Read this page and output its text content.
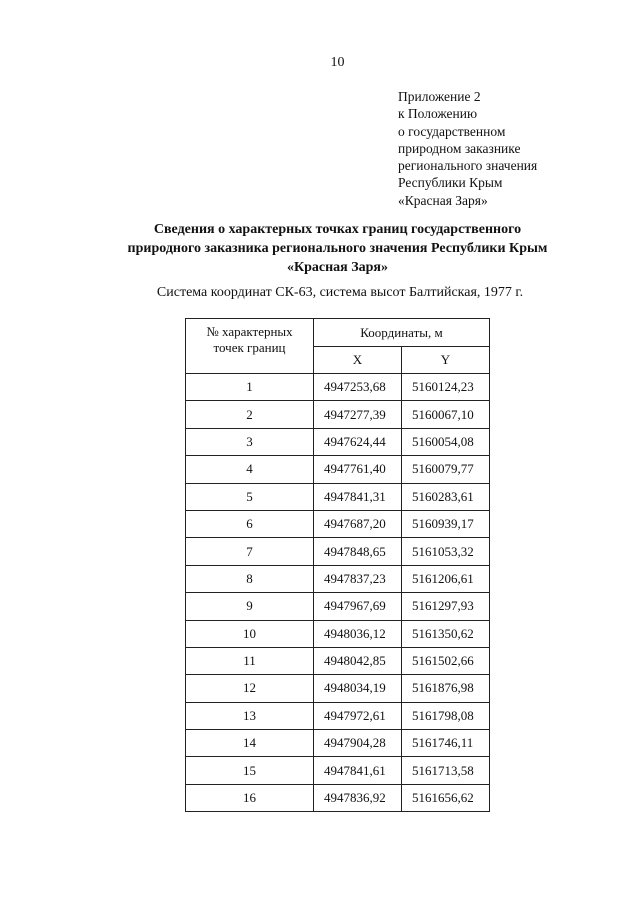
10
Приложение 2
к Положению
о государственном
природном заказнике
регионального значения
Республики Крым
«Красная Заря»
Сведения о характерных точках границ государственного
природного заказника регионального значения Республики Крым
«Красная Заря»
Система координат СК-63, система высот Балтийская, 1977 г.
№ характерных
точек границ	Координаты, м	
	X	Y
1	4947253,68	5160124,23
2	4947277,39	5160067,10
3	4947624,44	5160054,08
4	4947761,40	5160079,77
5	4947841,31	5160283,61
6	4947687,20	5160939,17
7	4947848,65	5161053,32
8	4947837,23	5161206,61
9	4947967,69	5161297,93
10	4948036,12	5161350,62
11	4948042,85	5161502,66
12	4948034,19	5161876,98
13	4947972,61	5161798,08
14	4947904,28	5161746,11
15	4947841,61	5161713,58
16	4947836,92	5161656,62
